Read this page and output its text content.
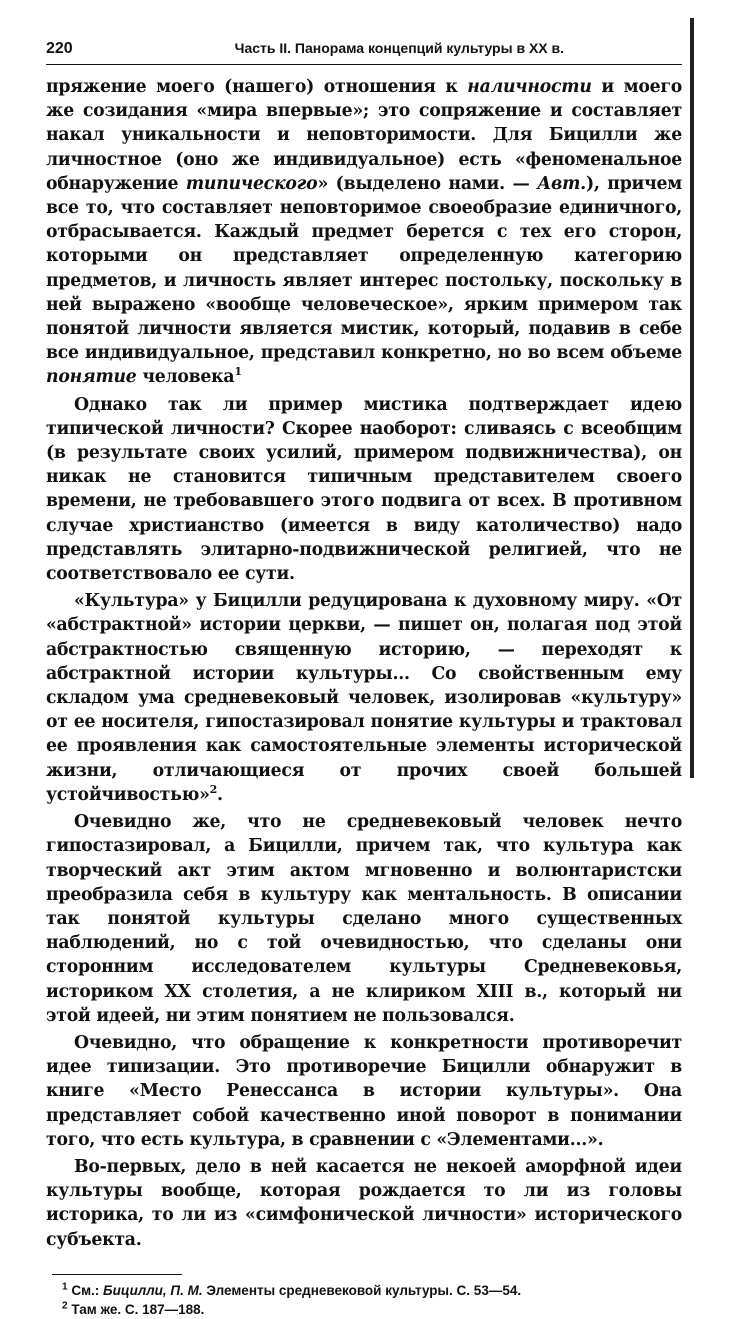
220	Часть II. Панорама концепций культуры в XX в.

пряжение моего (нашего) отношения к наличности и моего же созидания «мира впервые»; это сопряжение и составляет накал уникальности и неповторимости. Для Бицилли же личностное (оно же индивидуальное) есть «феноменальное обнаружение типического» (выделено нами. — Авт.), причем все то, что составляет неповторимое своеобразие единичного, отбрасывается. Каждый предмет берется с тех его сторон, которыми он представляет определенную категорию предметов, и личность являет интерес постольку, поскольку в ней выражено «вообще человеческое», ярким примером так понятой личности является мистик, который, подавив в себе все индивидуальное, представил конкретно, но во всем объеме понятие человека$^1$

Однако так ли пример мистика подтверждает идею типической личности? Скорее наоборот: сливаясь с всеобщим (в результате своих усилий, примером подвижничества), он никак не становится типичным представителем своего времени, не требовавшего этого подвига от всех. В противном случае христианство (имеется в виду католичество) надо представлять элитарно-подвижнической религией, что не соответствовало ее сути.

«Культура» у Бицилли редуцирована к духовному миру. «От «абстрактной» истории церкви, — пишет он, полагая под этой абстрактностью священную историю, — переходят к абстрактной истории культуры... Со свойственным ему складом ума средневековый человек, изолировав «культуру» от ее носителя, гипостазировал понятие культуры и трактовал ее проявления как самостоятельные элементы исторической жизни, отличающиеся от прочих своей большей устойчивостью»$^2$.

Очевидно же, что не средневековый человек нечто гипостазировал, а Бицилли, причем так, что культура как творческий акт этим актом мгновенно и волюнтаристски преобразила себя в культуру как ментальность. В описании так понятой культуры сделано много существенных наблюдений, но с той очевидностью, что сделаны они сторонним исследователем культуры Средневековья, историком XX столетия, а не клириком XIII в., который ни этой идеей, ни этим понятием не пользовался.

Очевидно, что обращение к конкретности противоречит идее типизации. Это противоречие Бицилли обнаружит в книге «Место Ренессанса в истории культуры». Она представляет собой качественно иной поворот в понимании того, что есть культура, в сравнении с «Элементами...».

Во-первых, дело в ней касается не некоей аморфной идеи культуры вообще, которая рождается то ли из головы историка, то ли из «симфонической личности» исторического субъекта.

$^1$ См.: Бицилли, П. М. Элементы средневековой культуры. С. 53—54.
$^2$ Там же. С. 187—188.
